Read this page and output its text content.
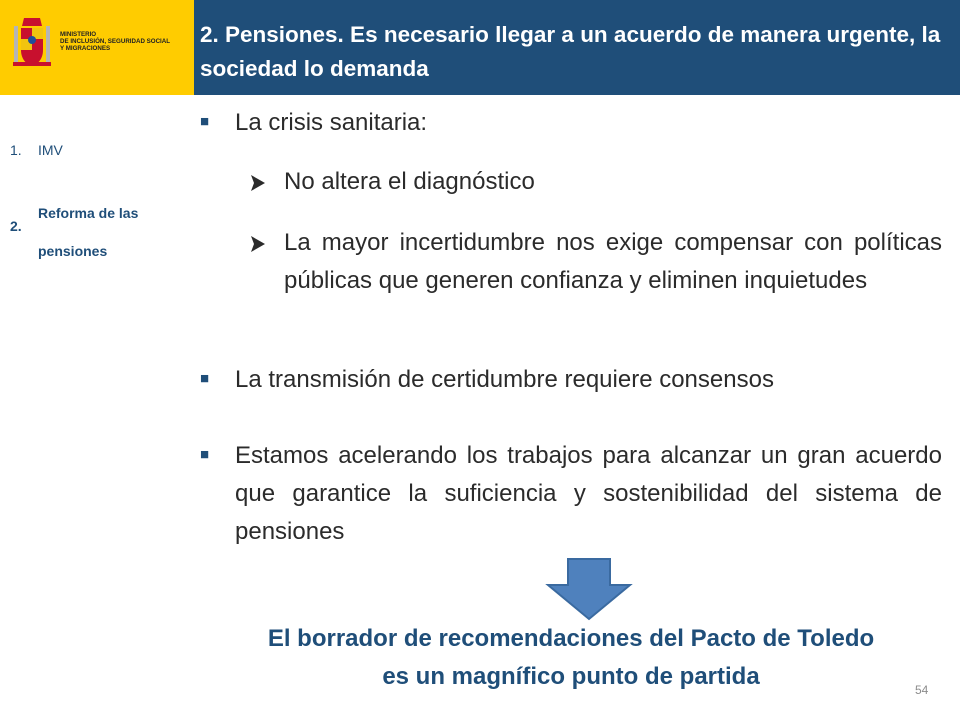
MINISTERIO
DE INCLUSIÓN, SEGURIDAD SOCIAL
Y MIGRACIONES
2. Pensiones. Es necesario llegar a un acuerdo de manera urgente, la sociedad lo demanda
1.	IMV
2.
Reforma de las pensiones
■	La crisis sanitaria:
No altera el diagnóstico
La mayor incertidumbre nos exige compensar con políticas públicas que generen confianza y eliminen inquietudes
■	La transmisión de certidumbre requiere consensos
■	Estamos acelerando los trabajos para alcanzar un gran acuerdo que garantice la suficiencia y sostenibilidad del sistema de pensiones
El borrador de recomendaciones del Pacto de Toledo
es un magnífico punto de partida	54
